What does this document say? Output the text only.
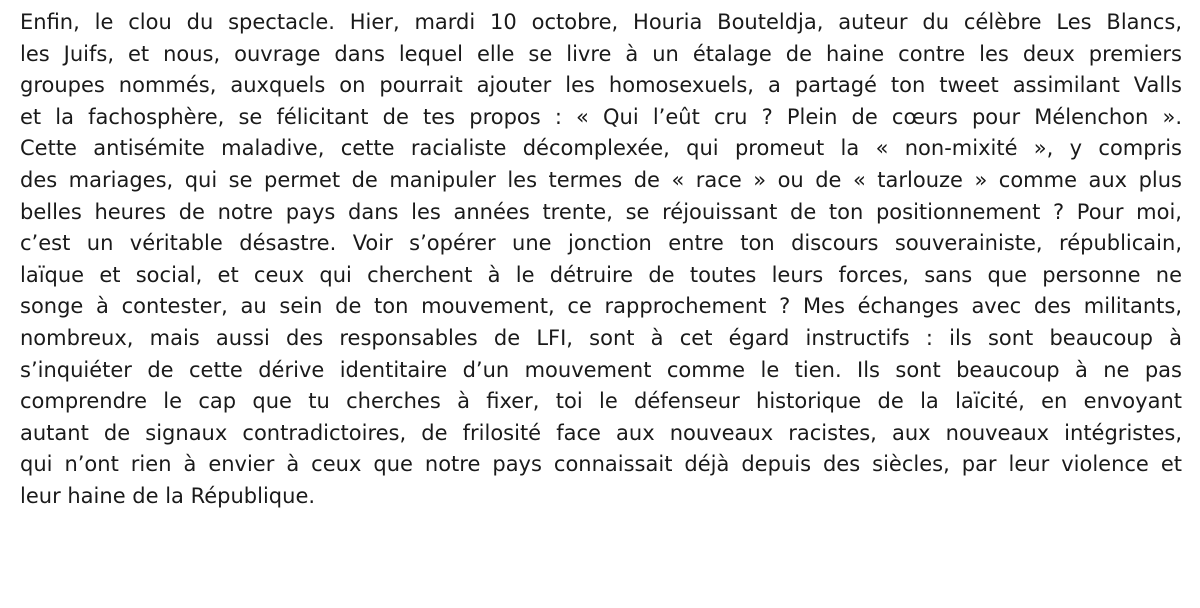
Enfin, le clou du spectacle. Hier, mardi 10 octobre, Houria Bouteldja, auteur du célèbre Les Blancs,
les Juifs, et nous, ouvrage dans lequel elle se livre à un étalage de haine contre les deux premiers
groupes nommés, auxquels on pourrait ajouter les homosexuels, a partagé ton tweet assimilant Valls
et la fachosphère, se félicitant de tes propos : « Qui l’eût cru ? Plein de cœurs pour Mélenchon ».
Cette antisémite maladive, cette racialiste décomplexée, qui promeut la « non-mixité », y compris
des mariages, qui se permet de manipuler les termes de « race » ou de « tarlouze » comme aux plus
belles heures de notre pays dans les années trente, se réjouissant de ton positionnement ? Pour moi,
c’est un véritable désastre. Voir s’opérer une jonction entre ton discours souverainiste, républicain,
laïque et social, et ceux qui cherchent à le détruire de toutes leurs forces, sans que personne ne
songe à contester, au sein de ton mouvement, ce rapprochement ? Mes échanges avec des militants,
nombreux, mais aussi des responsables de LFI, sont à cet égard instructifs : ils sont beaucoup à
s’inquiéter de cette dérive identitaire d’un mouvement comme le tien. Ils sont beaucoup à ne pas
comprendre le cap que tu cherches à fixer, toi le défenseur historique de la laïcité, en envoyant
autant de signaux contradictoires, de frilosité face aux nouveaux racistes, aux nouveaux intégristes,
qui n’ont rien à envier à ceux que notre pays connaissait déjà depuis des siècles, par leur violence et
leur haine de la République.
